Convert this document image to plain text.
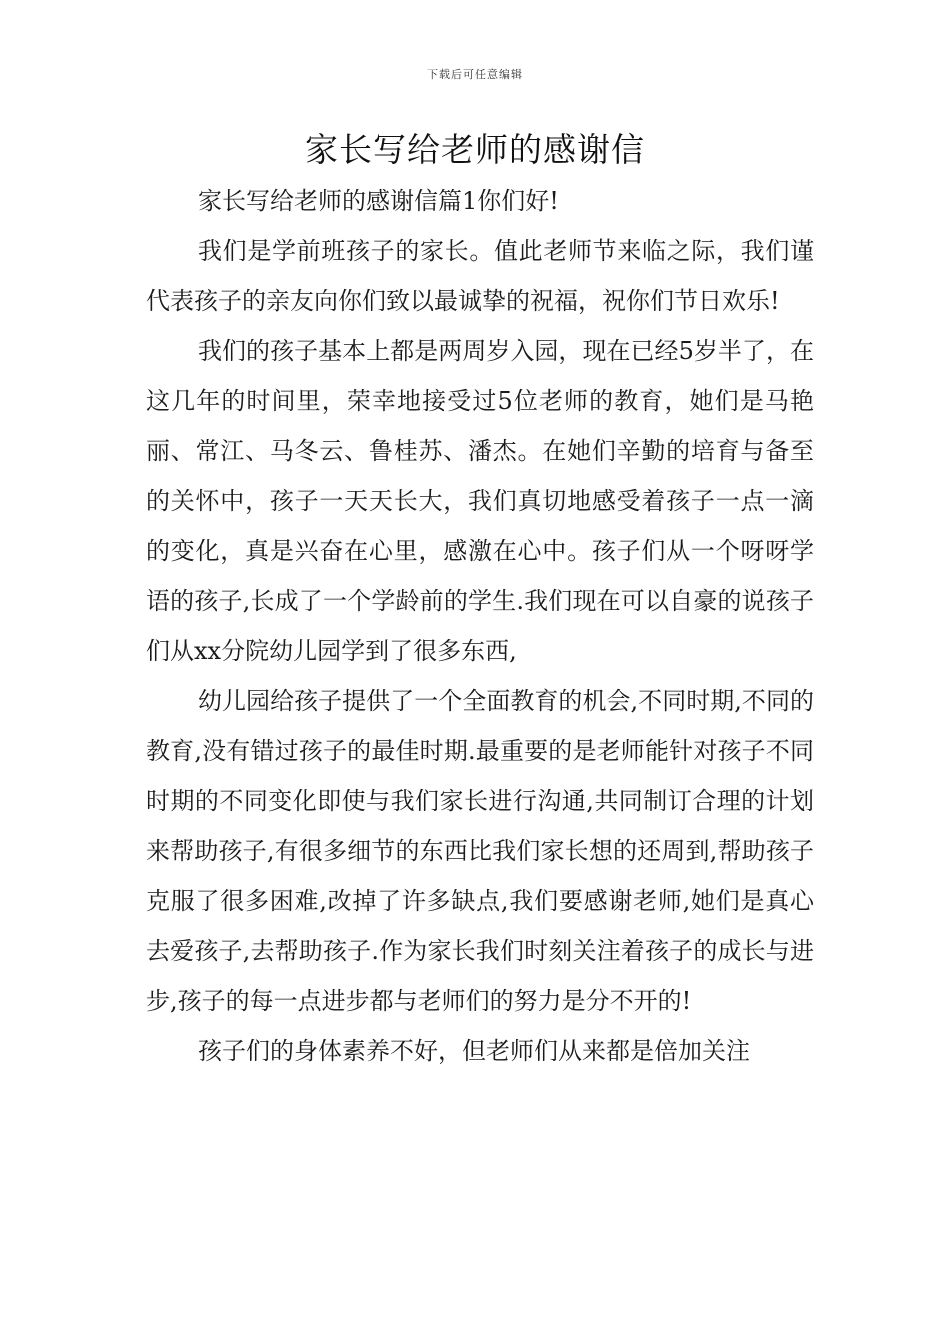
下载后可任意编辑
家长写给老师的感谢信

家长写给老师的感谢信篇1你们好!

我们是学前班孩子的家长。值此老师节来临之际，我们谨代表孩子的亲友向你们致以最诚挚的祝福，祝你们节日欢乐!

我们的孩子基本上都是两周岁入园，现在已经5岁半了，在这几年的时间里，荣幸地接受过5位老师的教育，她们是马艳丽、常江、马冬云、鲁桂苏、潘杰。在她们辛勤的培育与备至的关怀中，孩子一天天长大，我们真切地感受着孩子一点一滴的变化，真是兴奋在心里，感激在心中。孩子们从一个呀呀学语的孩子,长成了一个学龄前的学生.我们现在可以自豪的说孩子们从xx分院幼儿园学到了很多东西,

幼儿园给孩子提供了一个全面教育的机会,不同时期,不同的教育,没有错过孩子的最佳时期.最重要的是老师能针对孩子不同时期的不同变化即使与我们家长进行沟通,共同制订合理的计划来帮助孩子,有很多细节的东西比我们家长想的还周到,帮助孩子克服了很多困难,改掉了许多缺点,我们要感谢老师,她们是真心去爱孩子,去帮助孩子.作为家长我们时刻关注着孩子的成长与进步,孩子的每一点进步都与老师们的努力是分不开的!

孩子们的身体素养不好，但老师们从来都是倍加关注
